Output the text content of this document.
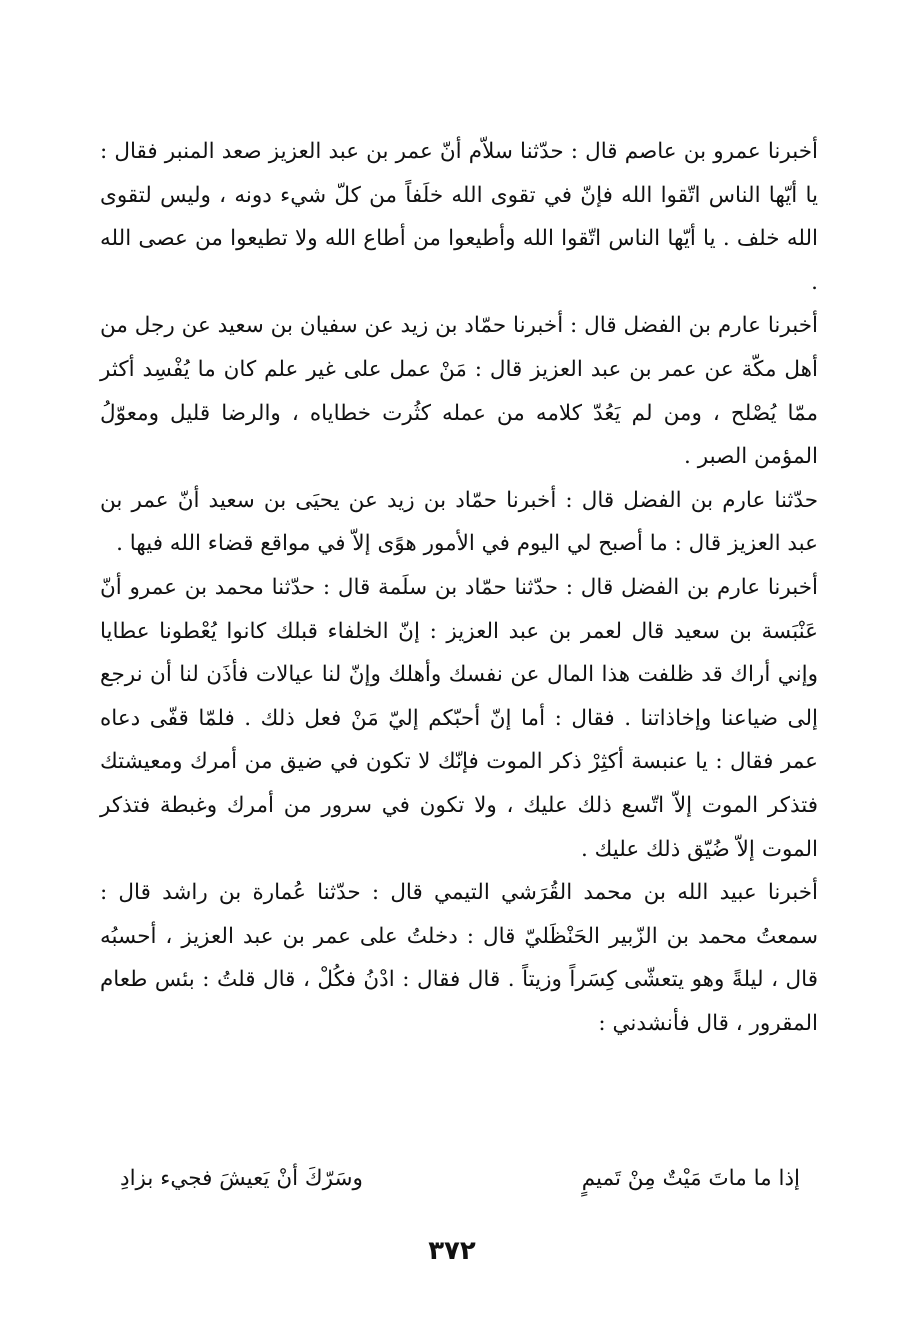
أخبرنا عمرو بن عاصم قال : حدّثنا سلاّم أنّ عمر بن عبد العزيز صعد المنبر فقال : يا أيّها الناس اتّقوا الله فإنّ في تقوى الله خلَفاً من كلّ شيء دونه ، وليس لتقوى الله خلف . يا أيّها الناس اتّقوا الله وأطيعوا من أطاع الله ولا تطيعوا من عصى الله .

أخبرنا عارم بن الفضل قال : أخبرنا حمّاد بن زيد عن سفيان بن سعيد عن رجل من أهل مكّة عن عمر بن عبد العزيز قال : مَنْ عمل على غير علم كان ما يُفْسِد أكثر ممّا يُصْلح ، ومن لم يَعُدّ كلامه من عمله كثُرت خطاياه ، والرضا قليل ومعوّلُ المؤمن الصبر .

حدّثنا عارم بن الفضل قال : أخبرنا حمّاد بن زيد عن يحيَى بن سعيد أنّ عمر بن عبد العزيز قال : ما أصبح لي اليوم في الأمور هوًى إلاّ في مواقع قضاء الله فيها .

أخبرنا عارم بن الفضل قال : حدّثنا حمّاد بن سلَمة قال : حدّثنا محمد بن عمرو أنّ عَنْبَسة بن سعيد قال لعمر بن عبد العزيز : إنّ الخلفاء قبلك كانوا يُعْطونا عطايا وإني أراك قد ظلفت هذا المال عن نفسك وأهلك وإنّ لنا عيالات فأذَن لنا أن نرجع إلى ضياعنا وإخاذاتنا . فقال : أما إنّ أحبّكم إليّ مَنْ فعل ذلك . فلمّا قفّى دعاه عمر فقال : يا عنبسة أكثِرْ ذكر الموت فإنّك لا تكون في ضيق من أمرك ومعيشتك فتذكر الموت إلاّ اتّسع ذلك عليك ، ولا تكون في سرور من أمرك وغبطة فتذكر الموت إلاّ ضُيّق ذلك عليك .

أخبرنا عبيد الله بن محمد القُرَشي التيمي قال : حدّثنا عُمارة بن راشد قال : سمعتُ محمد بن الزّبير الحَنْظَليّ قال : دخلتُ على عمر بن عبد العزيز ، أحسبُه قال ، ليلةً وهو يتعشّى كِسَراً وزيتاً . قال فقال : ادْنُ فكُلْ ، قال قلتُ : بئس طعام المقرور ، قال فأنشدني :

إذا ما ماتَ مَيْتٌ مِنْ تَميمٍ
وسَرّكَ أنْ يَعيشَ فجيء بزادِ
٣٧٢
